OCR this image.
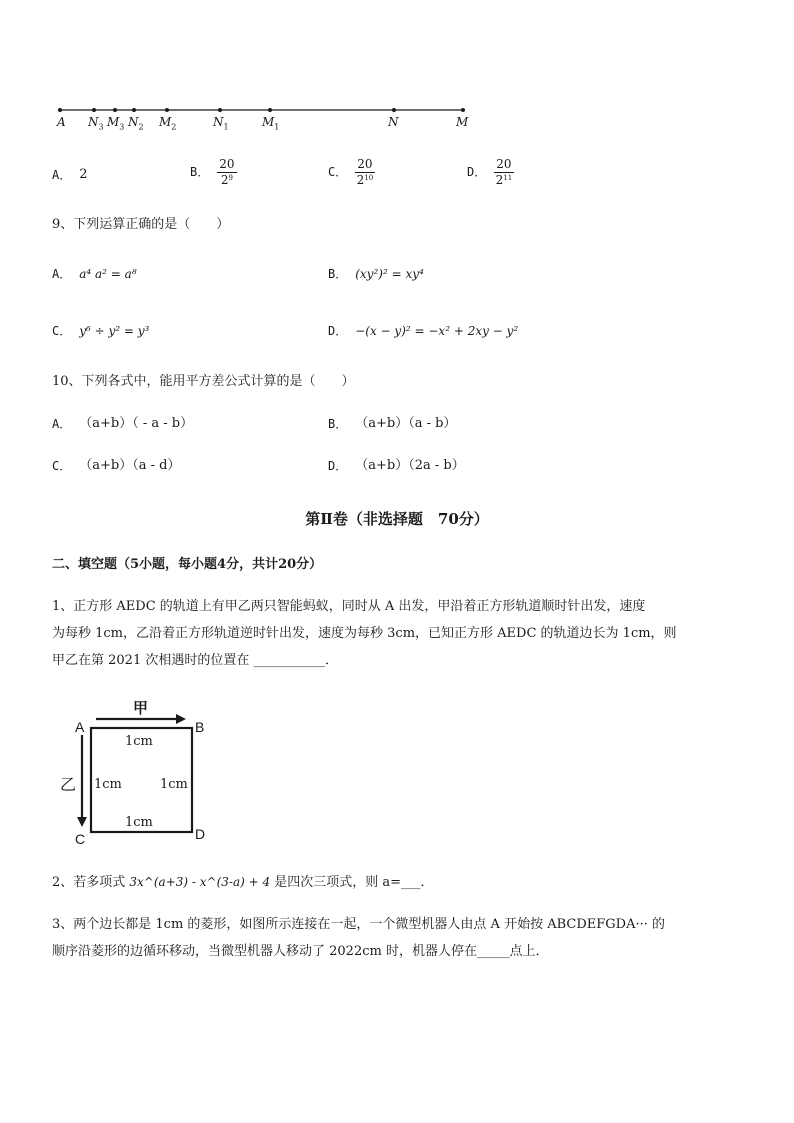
A $N_3$ $M_3$ $N_2$ $M_2$	$N_1$	$M_1$	N	M
A． 2	B． $\frac{20}{2^9}$	C． $\frac{20}{2^{10}}$	D． $\frac{20}{2^{11}}$
9、下列运算正确的是（　　）
A． a⁴ a² = a⁸	B． (xy²)² = xy⁴
C． y⁶ ÷ y² = y³	D． −(x − y)² = −x² + 2xy − y²
10、下列各式中，能用平方差公式计算的是（　　）
A． （a+b）（ - a - b）	B． （a+b）（a - b）
C． （a+b）（a - d）	D． （a+b）（2a - b）
第Ⅱ卷（非选择题　70分）
二、填空题（5小题，每小题4分，共计20分）
1、正方形 AEDC 的轨道上有甲乙两只智能蚂蚁，同时从 A 出发，甲沿着正方形轨道顺时针出发，速度
为每秒 1cm，乙沿着正方形轨道逆时针出发，速度为每秒 3cm，已知正方形 AEDC 的轨道边长为 1cm，则
甲乙在第 2021 次相遇时的位置在 ___________．
A	B
C	D
甲
乙
1cm
1cm	1cm
1cm
2、若多项式 3x^(a+3) - x^(3-a) + 4 是四次三项式，则 a=___．
3、两个边长都是 1cm 的菱形，如图所示连接在一起，一个微型机器人由点 A 开始按 ABCDEFGDA··· 的
顺序沿菱形的边循环移动，当微型机器人移动了 2022cm 时，机器人停在_____点上．
